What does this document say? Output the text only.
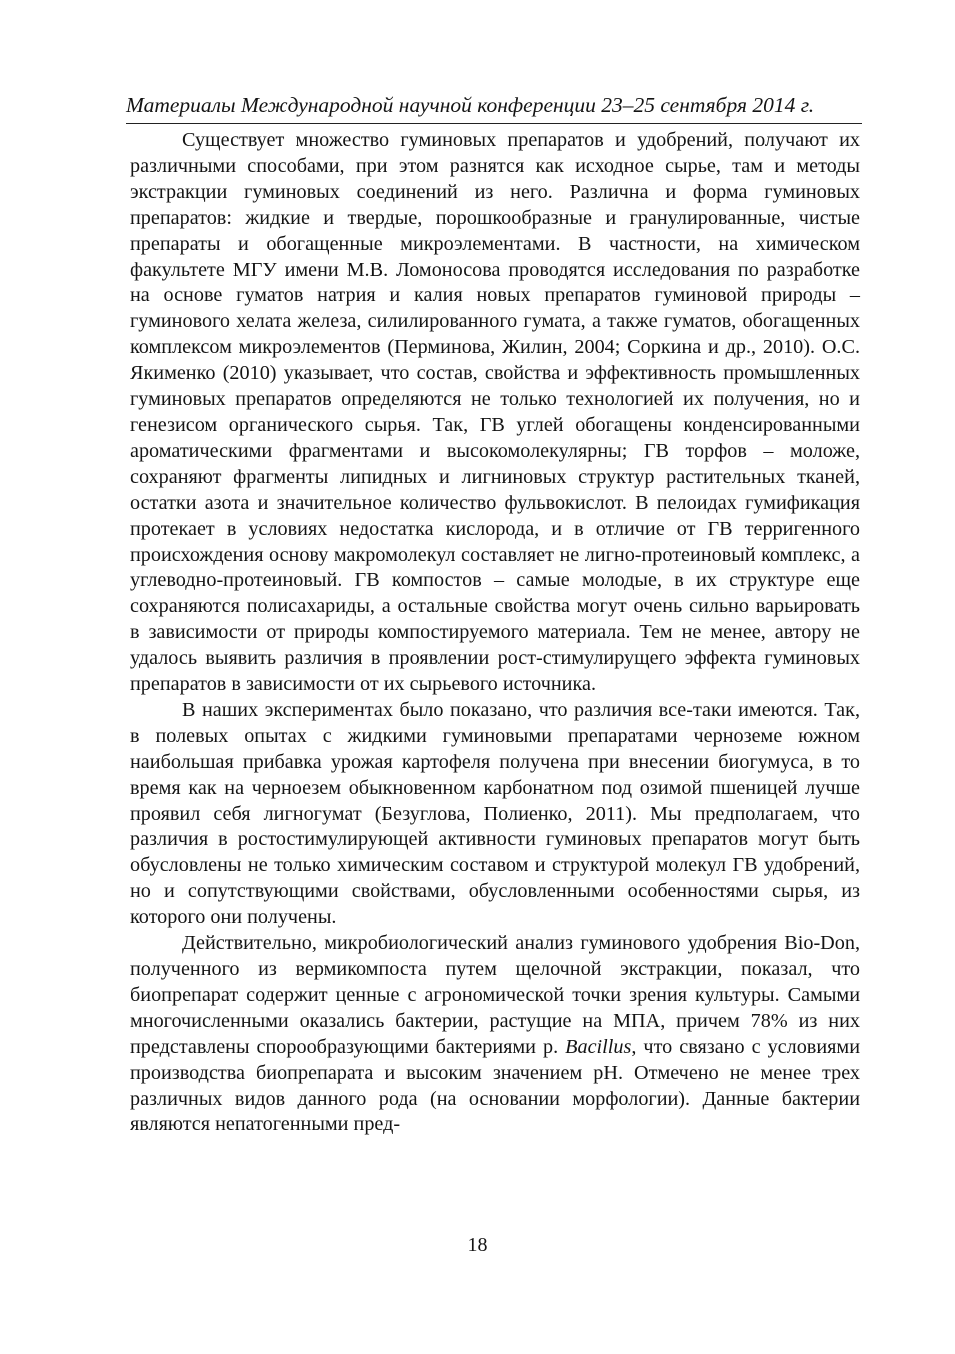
Материалы Международной научной конференции 23–25 сентября 2014 г.

Существует множество гуминовых препаратов и удобрений, получают их различными способами, при этом разнятся как исходное сырье, там и методы экстракции гуминовых соединений из него. Различна и форма гуминовых препаратов: жидкие и твердые, порошкообразные и гранулированные, чистые препараты и обогащенные микроэлементами. В частности, на химическом факультете МГУ имени М.В. Ломоносова проводятся исследования по разработке на основе гуматов натрия и калия новых препаратов гуминовой природы – гуминового хелата железа, силилированного гумата, а также гуматов, обогащенных комплексом микроэлементов (Перминова, Жилин, 2004; Соркина и др., 2010). О.С. Якименко (2010) указывает, что состав, свойства и эффективность промышленных гуминовых препаратов определяются не только технологией их получения, но и генезисом органического сырья. Так, ГВ углей обогащены конденсированными ароматическими фрагментами и высокомолекулярны; ГВ торфов – моложе, сохраняют фрагменты липидных и лигниновых структур растительных тканей, остатки азота и значительное количество фульвокислот. В пелоидах гумификация протекает в условиях недостатка кислорода, и в отличие от ГВ терригенного происхождения основу макромолекул составляет не лигно-протеиновый комплекс, а углеводно-протеиновый. ГВ компостов – самые молодые, в их структуре еще сохраняются полисахариды, а остальные свойства могут очень сильно варьировать в зависимости от природы компостируемого материала. Тем не менее, автору не удалось выявить различия в проявлении рост-стимулирущего эффекта гуминовых препаратов в зависимости от их сырьевого источника.

В наших экспериментах было показано, что различия все-таки имеются. Так, в полевых опытах с жидкими гуминовыми препаратами черноземе южном наибольшая прибавка урожая картофеля получена при внесении биогумуса, в то время как на черноезем обыкновенном карбонатном под озимой пшеницей лучше проявил себя лигногумат (Безуглова, Полиенко, 2011). Мы предполагаем, что различия в ростостимулирующей активности гуминовых препаратов могут быть обусловлены не только химическим составом и структурой молекул ГВ удобрений, но и сопутствующими свойствами, обусловленными особенностями сырья, из которого они получены.

Действительно, микробиологический анализ гуминового удобрения Bio-Don, полученного из вермикомпоста путем щелочной экстракции, показал, что биопрепарат содержит ценные с агрономической точки зрения культуры. Самыми многочисленными оказались бактерии, растущие на МПА, причем 78% из них представлены спорообразующими бактериями р. Bacillus, что связано с условиями производства биопрепарата и высоким значением pH. Отмечено не менее трех различных видов данного рода (на основании морфологии). Данные бактерии являются непатогенными пред-

18
